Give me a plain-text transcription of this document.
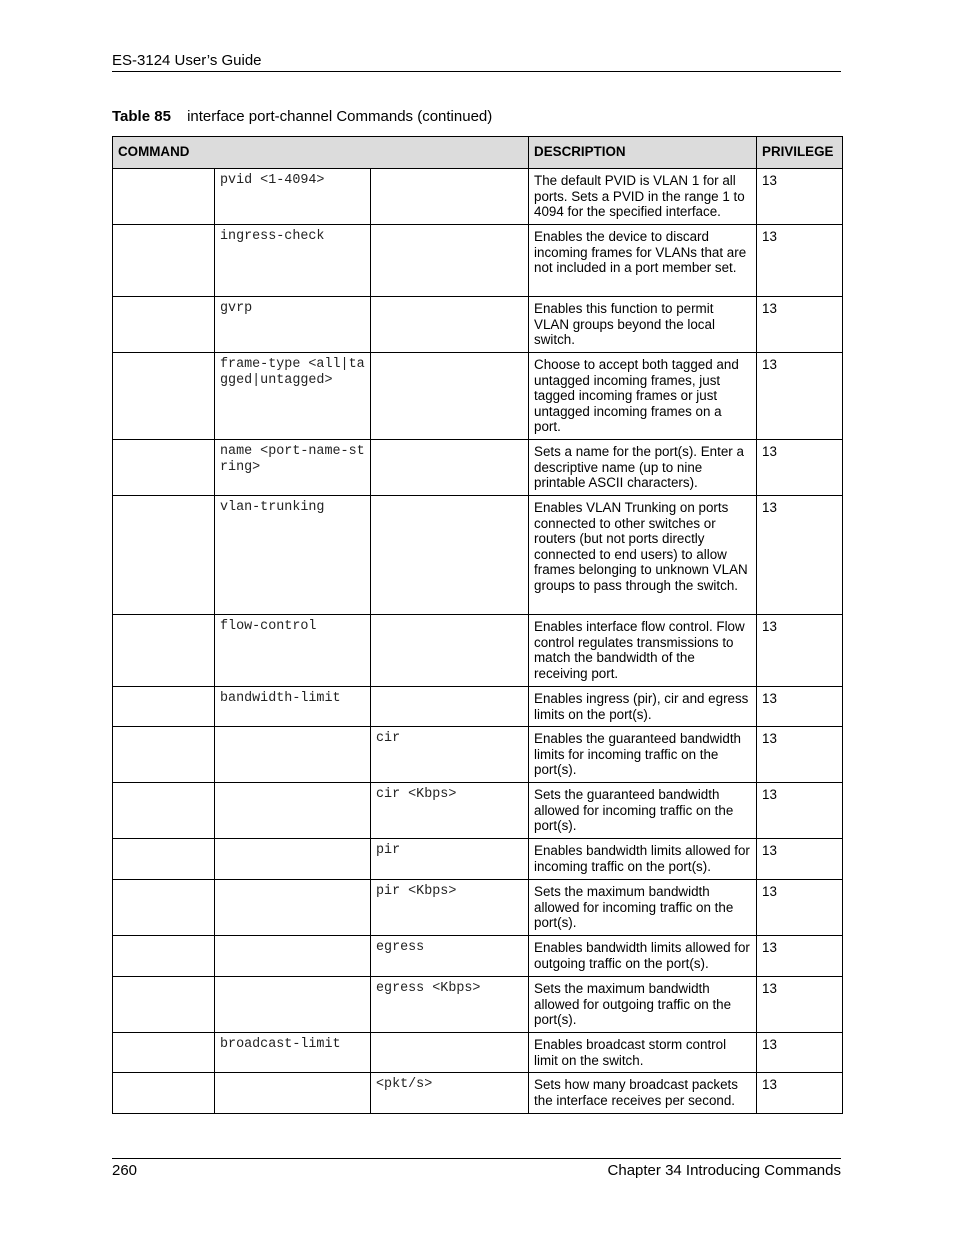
ES-3124 User’s Guide
Table 85 interface port-channel Commands (continued)
COMMAND			DESCRIPTION	PRIVILEGE
	pvid <1-4094>		The default PVID is VLAN 1 for all ports. Sets a PVID in the range 1 to 4094 for the specified interface.	13
	ingress-check		Enables the device to discard incoming frames for VLANs that are not included in a port member set.	13
	gvrp		Enables this function to permit VLAN groups beyond the local switch.	13
	frame-type <all|tagged|untagged>		Choose to accept both tagged and untagged incoming frames, just tagged incoming frames or just untagged incoming frames on a port.	13
	name <port-name-string>		Sets a name for the port(s). Enter a descriptive name (up to nine printable ASCII characters).	13
	vlan-trunking		Enables VLAN Trunking on ports connected to other switches or routers (but not ports directly connected to end users) to allow frames belonging to unknown VLAN groups to pass through the switch.	13
	flow-control		Enables interface flow control. Flow control regulates transmissions to match the bandwidth of the receiving port.	13
	bandwidth-limit		Enables ingress (pir), cir and egress limits on the port(s).	13
		cir	Enables the guaranteed bandwidth limits for incoming traffic on the port(s).	13
		cir <Kbps>	Sets the guaranteed bandwidth allowed for incoming traffic on the port(s).	13
		pir	Enables bandwidth limits allowed for incoming traffic on the port(s).	13
		pir <Kbps>	Sets the maximum bandwidth allowed for incoming traffic on the port(s).	13
		egress	Enables bandwidth limits allowed for outgoing traffic on the port(s).	13
		egress <Kbps>	Sets the maximum bandwidth allowed for outgoing traffic on the port(s).	13
	broadcast-limit		Enables broadcast storm control limit on the switch.	13
		<pkt/s>	Sets how many broadcast packets the interface receives per second.	13
260	Chapter 34 Introducing Commands
